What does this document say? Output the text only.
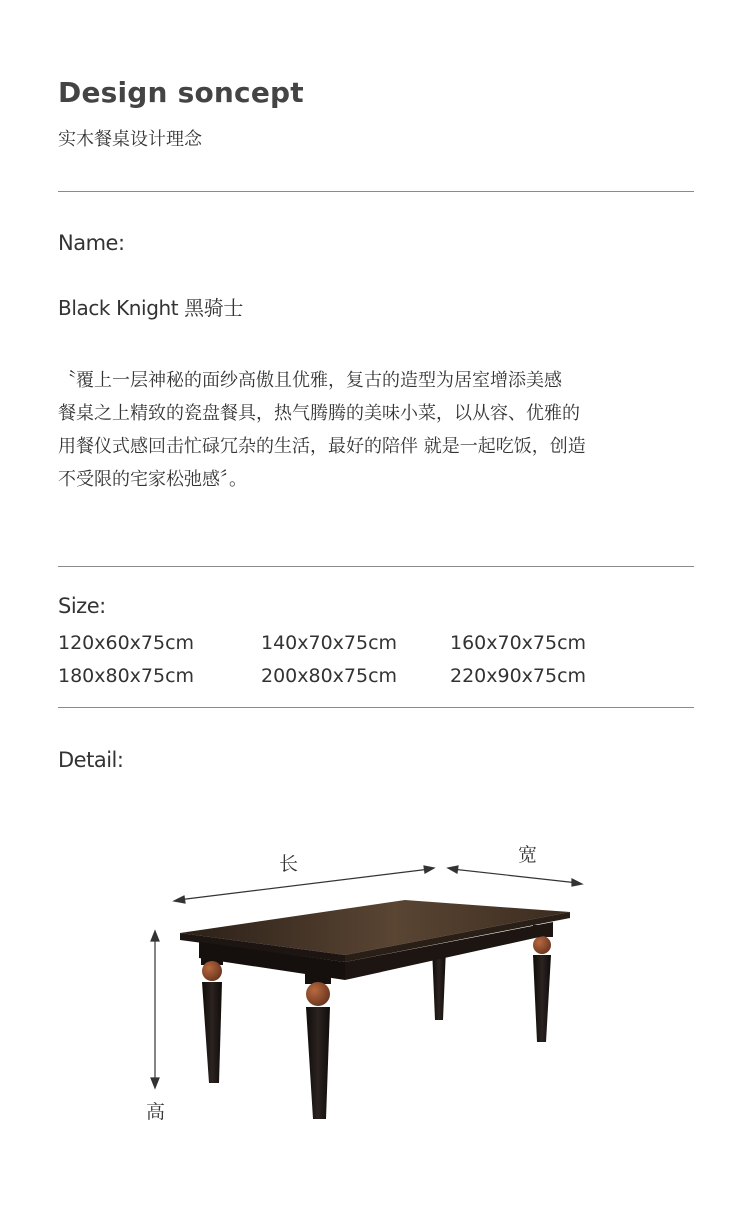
Design soncept
实木餐桌设计理念
Name:
Black Knight 黑骑士
〝覆上一层神秘的面纱高傲且优雅，复古的造型为居室增添美感
餐桌之上精致的瓷盘餐具，热气腾腾的美味小菜，以从容、优雅的
用餐仪式感回击忙碌冗杂的生活，最好的陪伴 就是一起吃饭，创造
不受限的宅家松弛感〞。
Size:
120x60x75cm	140x70x75cm	160x70x75cm
180x80x75cm	200x80x75cm	220x90x75cm
Detail:
长	宽
高
